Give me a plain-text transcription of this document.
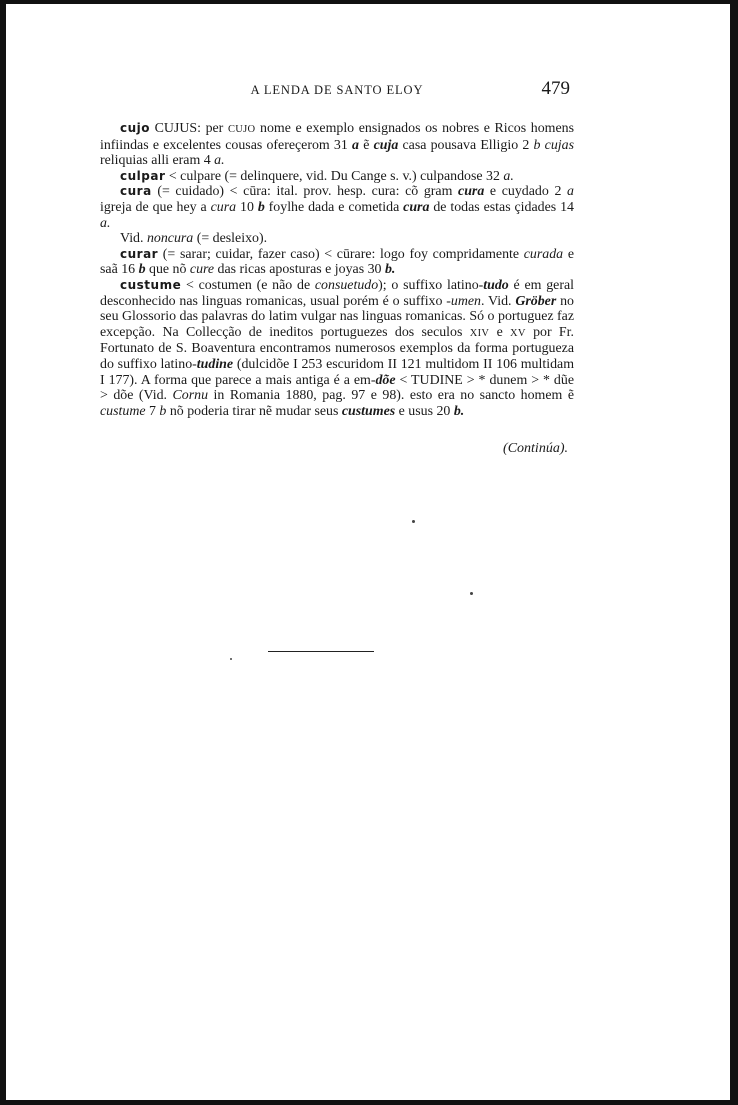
A LENDA DE SANTO ELOY	479

cujo CUJUS: per CUJO nome e exemplo ensignados os nobres e Ricos homens infiindas e excelentes cousas ofereçerom 31 a ẽ cuja casa pousava Elligio 2 b cujas reliquias alli eram 4 a.

culpar < culpare (= delinquere, vid. Du Cange s. v.) culpandose 32 a.

cura (= cuidado) < cūra: ital. prov. hesp. cura: cõ gram cura e cuydado 2 a igreja de que hey a cura 10 b foylhe dada e cometida cura de todas estas çidades 14 a.

Vid. noncura (= desleixo).

curar (= sarar; cuidar, fazer caso) < cūrare: logo foy compridamente curada e saã 16 b que nõ cure das ricas aposturas e joyas 30 b.

custume < costumen (e não de consuetudo); o suffixo latino-tudo é em geral desconhecido nas linguas romanicas, usual porém é o suffixo -umen. Vid. Gröber no seu Glossorio das palavras do latim vulgar nas linguas romanicas. Só o portuguez faz excepção. Na Collecção de ineditos portuguezes dos seculos XIV e XV por Fr. Fortunato de S. Boaventura encontramos numerosos exemplos da forma portugueza do suffixo latino-tudine (dulcidõe I 253 escuridom II 121 multidom II 106 multidam I 177). A forma que parece a mais antiga é a em-dõe < TUDINE > * dunem > * dũe > dõe (Vid. Cornu in Romania 1880, pag. 97 e 98). esto era no sancto homem ẽ custume 7 b nõ poderia tirar nẽ mudar seus custumes e usus 20 b.

(Continúa).
